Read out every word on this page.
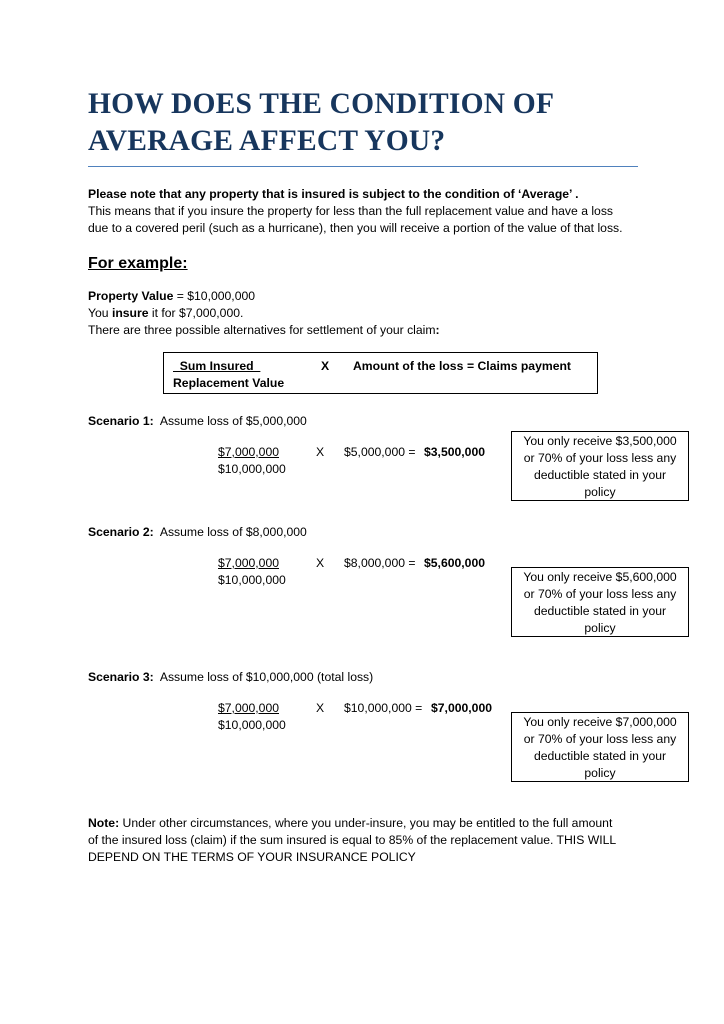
HOW DOES THE CONDITION OF AVERAGE AFFECT YOU?
Please note that any property that is insured is subject to the condition of ‘Average’ .
This means that if you insure the property for less than the full replacement value and have a loss
due to a covered peril (such as a hurricane), then you will receive a portion of the value of that loss.
For example:
Property Value = $10,000,000
You insure it for $7,000,000.
There are three possible alternatives for settlement of your claim:
Sum Insured
Replacement Value
X Amount of the loss = Claims payment
Scenario 1:  Assume loss of $5,000,000
$7,000,000
$10,000,000
X $5,000,000 = $3,500,000
You only receive $3,500,000
or 70% of your loss less any
deductible stated in your
policy
Scenario 2:  Assume loss of $8,000,000
$7,000,000
$10,000,000
X $8,000,000 = $5,600,000
You only receive $5,600,000
or 70% of your loss less any
deductible stated in your
policy
Scenario 3:  Assume loss of $10,000,000 (total loss)
$7,000,000
$10,000,000
X $10,000,000 = $7,000,000
You only receive $7,000,000
or 70% of your loss less any
deductible stated in your
policy
Note: Under other circumstances, where you under-insure, you may be entitled to the full amount
of the insured loss (claim) if the sum insured is equal to 85% of the replacement value. THIS WILL
DEPEND ON THE TERMS OF YOUR INSURANCE POLICY
